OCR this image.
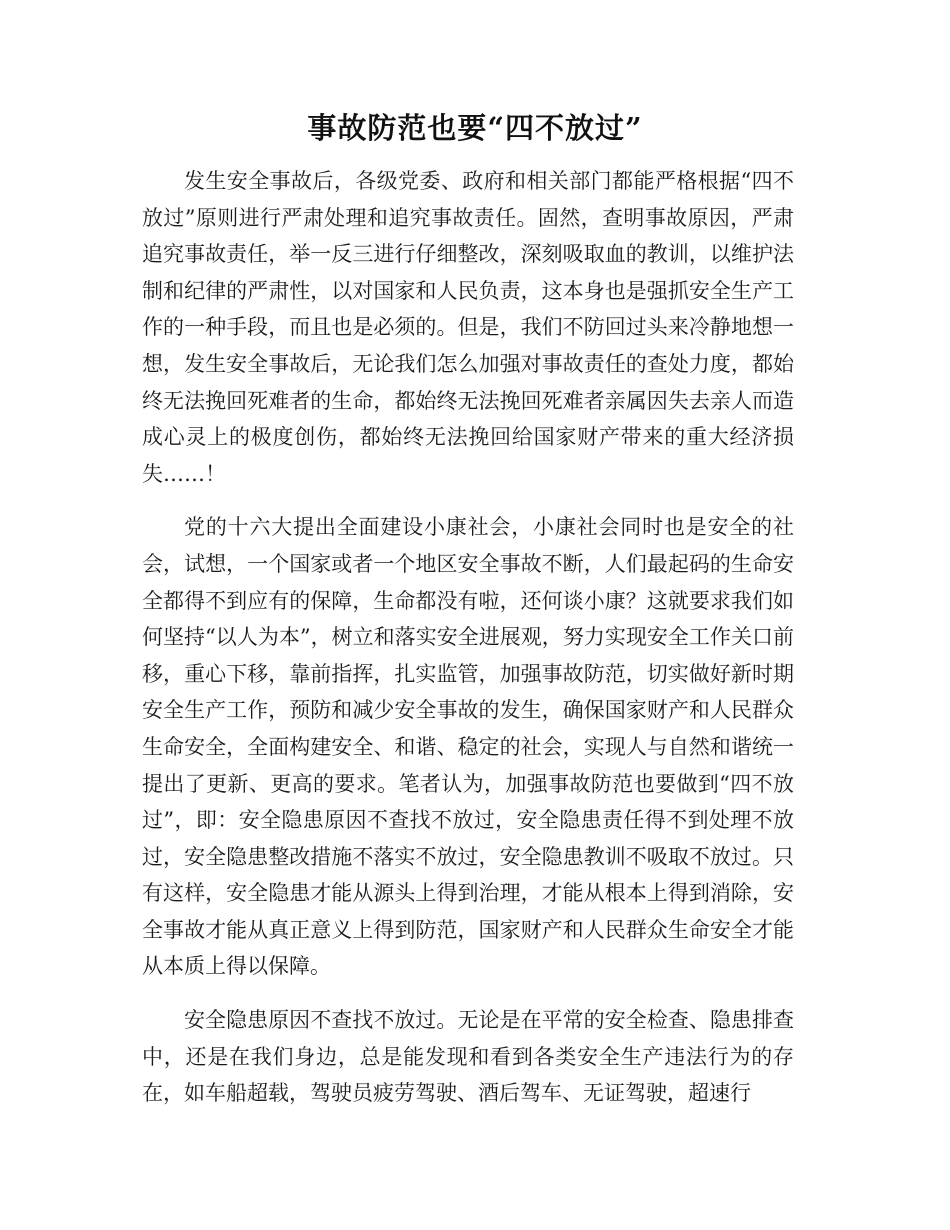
事故防范也要“四不放过”

发生安全事故后，各级党委、政府和相关部门都能严格根据“四不放过”原则进行严肃处理和追究事故责任。固然，查明事故原因，严肃追究事故责任，举一反三进行仔细整改，深刻吸取血的教训，以维护法制和纪律的严肃性，以对国家和人民负责，这本身也是强抓安全生产工作的一种手段，而且也是必须的。但是，我们不防回过头来冷静地想一想，发生安全事故后，无论我们怎么加强对事故责任的查处力度，都始终无法挽回死难者的生命，都始终无法挽回死难者亲属因失去亲人而造成心灵上的极度创伤，都始终无法挽回给国家财产带来的重大经济损失……！

党的十六大提出全面建设小康社会，小康社会同时也是安全的社会，试想，一个国家或者一个地区安全事故不断，人们最起码的生命安全都得不到应有的保障，生命都没有啦，还何谈小康？这就要求我们如何坚持“以人为本”，树立和落实安全进展观，努力实现安全工作关口前移，重心下移，靠前指挥，扎实监管，加强事故防范，切实做好新时期安全生产工作，预防和减少安全事故的发生，确保国家财产和人民群众生命安全，全面构建安全、和谐、稳定的社会，实现人与自然和谐统一提出了更新、更高的要求。笔者认为，加强事故防范也要做到“四不放过”，即：安全隐患原因不查找不放过，安全隐患责任得不到处理不放过，安全隐患整改措施不落实不放过，安全隐患教训不吸取不放过。只有这样，安全隐患才能从源头上得到治理，才能从根本上得到消除，安全事故才能从真正意义上得到防范，国家财产和人民群众生命安全才能从本质上得以保障。

安全隐患原因不查找不放过。无论是在平常的安全检查、隐患排查中，还是在我们身边，总是能发现和看到各类安全生产违法行为的存在，如车船超载，驾驶员疲劳驾驶、酒后驾车、无证驾驶，超速行
